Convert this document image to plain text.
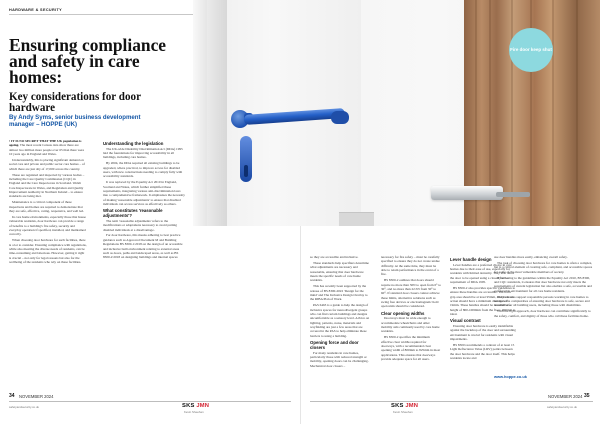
HARDWARE & SECURITY
Ensuring compliance and safety in care homes:
Key considerations for door hardware
By Andy Syms, senior business development manager – HOPPE (UK)

• IT IS NO SECRET THAT THE UK population is ageing. The most recent Census data show there are almost two million more people over 65 than there were 10 years ago in England and Wales.

Understandably, this is placing significant demand on social care and private and public sector care homes – of which there are just shy of 17,000 across the country.

These are regulated and inspected by various bodies – including the Care Quality Commission (CQC) in England and the Care Inspectorate in Scotland. Welsh Care Inspectorate in Wales, and Regulation and Quality Improvement Authority in Northern Ireland – to ensure standards are being met.

Maintenance is a critical component of these inspections and homes are required to demonstrate that they are safe, effective, caring, responsive, and well led.

In care home environments, especially those that house vulnerable residents, door hardware can provide a range of benefits to a building's fire safety, security and everyday operation if specified, installed, and maintained correctly.

When choosing door hardware for such facilities, there is a lot to consider. Ensuring compliance with regulations, while also meeting the diverse needs of residents, can be time-consuming and laborious. However, getting it right is crucial – not only for legal reasons but also for the wellbeing of the residents who rely on these facilities.

Understanding the legislation

The UK-wide Disability Discrimination Act (DDA) 1995 laid the foundations for improving accessibility in all buildings, including care homes.

By 2004, the DDA required all existing buildings to be upgraded, where practical, to improve access for disabled users, with new constructions needing to comply fully with accessibility standards.

It was replaced by the Equality Act 2010 in England, Scotland and Wales, which further simplified these requirements, integrating various anti-discrimination laws into a comprehensive framework. It emphasises the necessity of making 'reasonable adjustments' to ensure that disabled individuals can access services as effectively as others.

What constitutes 'reasonable adjustments'?

The term 'reasonable adjustments' refers to the modifications or adaptations necessary to avoid putting disabled individuals at a disadvantage.

For door hardware, this means adhering to best practice guidance such as Approved Document M and Building Regulations BS 8300-1:2018 on the design of an accessible and inclusive built environment relating to external areas such as doors, paths and landscaped areas, as well as BS 8300-2:2018 on designing buildings and internal spaces

34 NOVEMBER 2024
safetyandsecurity.co.uk	SKS JMN
Kevin Sheehan

so they are accessible and inclusive.

These standards help specifiers determine what adjustments are necessary and reasonable, ensuring that door hardware meets the specific needs of care home residents.

This has recently been supported by the release of BS 8300-2022 'Design for the mind' and The Inclusive Design Overlay to the RIBA Plan of Work.

PAS 6463 is a guide to help the design of inclusive spaces for neurodivergent groups who can find certain buildings and designs uncomfortable as a sensory level. Advice on lighting, patterns, noise, materials and wayfinding are just a few areas that are covered in the PAS to help eliminate these barriers to using a building.

Opening force and door closers

For many residents in care homes, particularly those with reduced strength or mobility, opening doors can be challenging. Mechanical door closers –

necessary for fire safety – must be carefully specified to ensure they do not create undue difficulty. At the same time, they must be able to retain performance in the event of a fire.

BS 8300-2 outlines that doors should require no more than 30N to open from 0° to 30°, and no more than 22.5N from 30° to 60°. If standard door closers cannot achieve these limits, alternative solutions such as swing free devices or electromagnetic hold open units should be considered.

Clear opening widths

Doorways must be wide enough to accommodate wheelchairs and other mobility aids commonly used by care home residents.

BS 8300-2 specifies the minimum effective clear widths required for doorways, with a recommended clear opening width of 800mm to 825mm in most applications. This ensures that doorways provide adequate space for all users.

Lever handle design

Lever handles are a preferred choice in care homes due to their ease of use, especially for residents with limited dexterity. They also allow the door to be opened using a closed fist – a requirement of DDA 1995.

BS 8300-2 also provides specific guidelines to ensure these handles are accessible. The lever grip area should be at least 95mm, and the lever action should have a minimum diameter of 19mm. These handles should be installed at a height of 800-1000mm from the floor, 900mm is ideal.

Visual contrast

Ensuring door hardware is easily identifiable against the backdrop of the door and surrounding environment is crucial for residents with visual impairments.

BS 8300 recommends a contrast of at least 15 Light Reflectance Value (LRV) points between the door hardware and the door itself. This helps residents locate and

use door handles more easily, enhancing overall safety.

The task of choosing door hardware for care homes is often a complex, but is a critical element of creating safe, compliant, and accessible spaces for some of the most vulnerable members of society.

By adhering to the guidelines within the Equality Act 2010, BS 8300, and CQC standards, it ensures that door hardware not only meets the requirements of current legislation but also enables a safe, accessible and comfortable environment for all care home residents.

They can also support responsible persons working in care homes to navigate the complexities of ensuring door hardware is safe, secure and accessible for all building users, including those with disabilities.

With the right approach, door hardware can contribute significantly to the safety, comfort, and dignity of those who call these facilities home.

www.hoppe.co.uk
NOVEMBER 2024 35
SKS JMN
Kevin Sheehan
safetyandsecurity.co.uk
Fire door keep shut
